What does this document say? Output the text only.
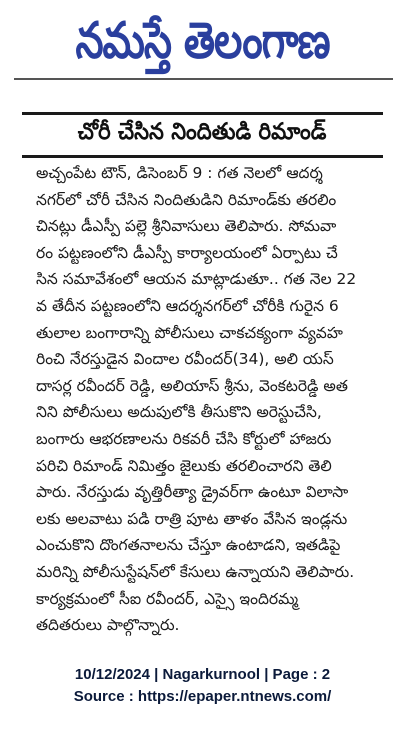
నమస్తే తెలంగాణ
చోరీ చేసిన నిందితుడి రిమాండ్
అచ్చంపేట టౌన్, డిసెంబర్ 9 : గత నెలలో ఆదర్శ
నగర్‌లో చోరీ చేసిన నిందితుడిని రిమాండ్‌కు తరలిం
చినట్లు డీఎస్పీ పల్లె శ్రీనివాసులు తెలిపారు. సోమవా
రం పట్టణంలోని డీఎస్పీ కార్యాలయంలో ఏర్పాటు చే
సిన సమావేశంలో ఆయన మాట్లాడుతూ.. గత నెల 22
వ తేదీన పట్టణంలోని ఆదర్శనగర్‌లో చోరీకి గురైన 6
తులాల బంగారాన్ని పోలీసులు చాకచక్యంగా వ్యవహ
రించి నేరస్తుడైన విందాల రవీందర్(34), అలి యస్
దాసర్ల రవీందర్ రెడ్డి, అలియాస్ శ్రీను, వెంకటరెడ్డి అత
నిని పోలీసులు అదుపులోకి తీసుకొని అరెస్టుచేసి,
బంగారు ఆభరణాలను రికవరీ చేసి కోర్టులో హాజరు
పరిచి రిమాండ్ నిమిత్తం జైలుకు తరలించారని తెలి
పారు. నేరస్తుడు వృత్తిరీత్యా డ్రైవర్‌గా ఉంటూ విలాసా
లకు అలవాటు పడి రాత్రి పూట తాళం వేసిన ఇండ్లను
ఎంచుకొని దొంగతనాలను చేస్తూ ఉంటాడని, ఇతడిపై
మరిన్ని పోలీసుస్టేషన్‌లో కేసులు ఉన్నాయని తెలిపారు.
కార్యక్రమంలో సీఐ రవీందర్, ఎస్సై ఇందిరమ్మ
తదితరులు పాల్గొన్నారు.
10/12/2024 | Nagarkurnool | Page : 2
Source : https://epaper.ntnews.com/
